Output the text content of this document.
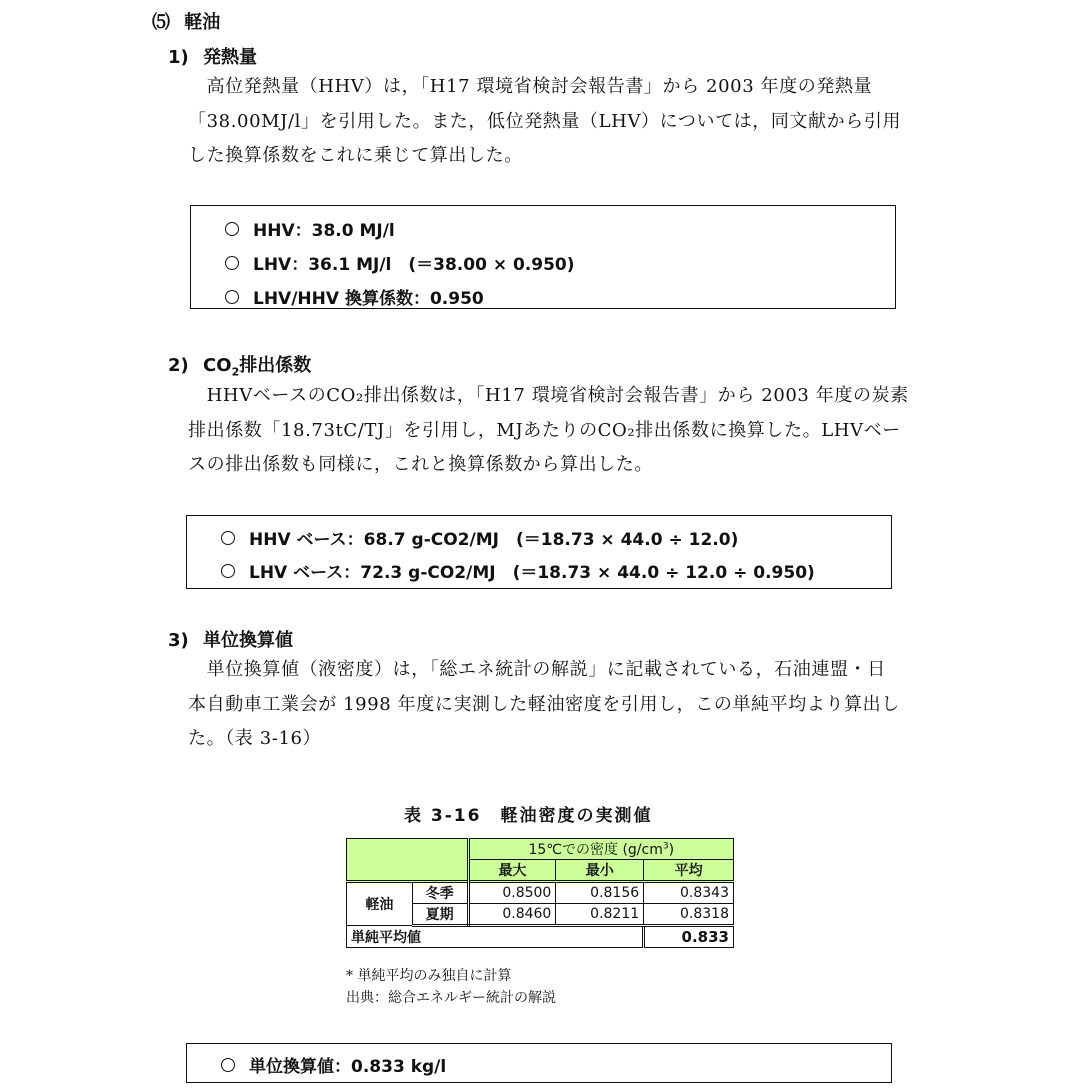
⑸ 軽油
1) 発熱量

　高位発熱量（HHV）は，「H17 環境省検討会報告書」から 2003 年度の発熱量

「38.00MJ/l」を引用した。また，低位発熱量（LHV）については，同文献から引用

した換算係数をこれに乗じて算出した。

HHV：38.0 MJ/l
LHV：36.1 MJ/l　(＝38.00 × 0.950)
LHV/HHV 換算係数：0.950
2) $CO_2$排出係数

　HHVベースのCO₂排出係数は，「H17 環境省検討会報告書」から 2003 年度の炭素

排出係数「18.73tC/TJ」を引用し，MJあたりのCO₂排出係数に換算した。LHVベー

スの排出係数も同様に，これと換算係数から算出した。

HHV ベース：68.7 g-CO2/MJ　(＝18.73 × 44.0 ÷ 12.0)
LHV ベース：72.3 g-CO2/MJ　(＝18.73 × 44.0 ÷ 12.0 ÷ 0.950)
3) 単位換算値

　単位換算値（液密度）は，「総エネ統計の解説」に記載されている，石油連盟・日

本自動車工業会が 1998 年度に実測した軽油密度を引用し，この単純平均より算出し

た。（表 3-16）

表 3-16　軽油密度の実測値
		15℃での密度 $(g/cm^3)$		
		最大	最小	平均
軽油	冬季	0.8500	0.8156	0.8343
	夏期	0.8460	0.8211	0.8318
単純平均値				0.833
* 単純平均のみ独自に計算
出典：総合エネルギー統計の解説
単位換算値：0.833 kg/l
